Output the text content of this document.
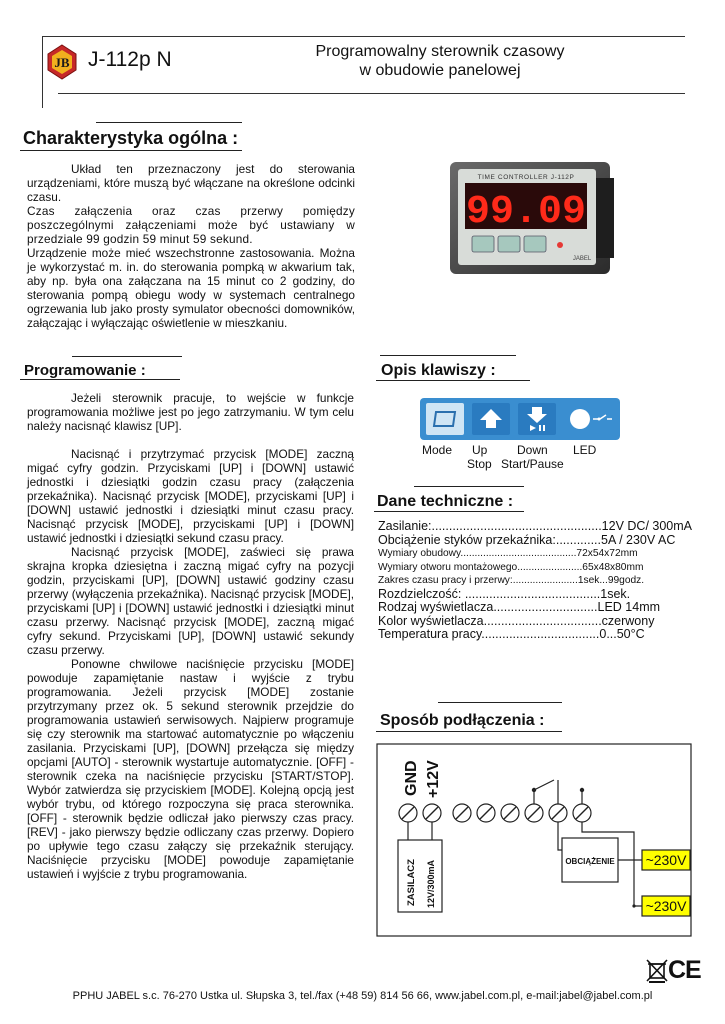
JB J-112p N	Programowalny sterownik czasowy
w obudowie panelowej
Charakterystyka ogólna :

Układ ten przeznaczony jest do sterowania urządzeniami, które muszą być włączane na określone odcinki czasu.

Czas załączenia oraz czas przerwy pomiędzy poszczególnymi załączeniami może być ustawiany w przedziale 99 godzin 59 minut 59 sekund.

Urządzenie może mieć wszechstronne zastosowania. Można je wykorzystać m. in. do sterowania pompką w akwarium tak, aby np. była ona załączana na 15 minut co 2 godziny, do sterowania pompą obiegu wody w systemach centralnego ogrzewania lub jako prosty symulator obecności domowników, załączając i wyłączając oświetlenie w mieszkaniu.

TIME CONTROLLER J-112P
99.09
JABEL
Programowanie :

Jeżeli sterownik pracuje, to wejście w funkcje programowania możliwe jest po jego zatrzymaniu. W tym celu należy nacisnąć klawisz [UP].

Nacisnąć i przytrzymać przycisk [MODE] zaczną migać cyfry godzin. Przyciskami [UP] i [DOWN] ustawić jednostki i dziesiątki godzin czasu pracy (załączenia przekaźnika). Nacisnąć przycisk [MODE], przyciskami [UP] i [DOWN] ustawić jednostki i dziesiątki minut czasu pracy. Nacisnąć przycisk [MODE], przyciskami [UP] i [DOWN] ustawić jednostki i dziesiątki sekund czasu pracy.

Nacisnąć przycisk [MODE], zaświeci się prawa skrajna kropka dziesiętna i zaczną migać cyfry na pozycji godzin, przyciskami [UP], [DOWN] ustawić godziny czasu przerwy (wyłączenia przekaźnika). Nacisnąć przycisk [MODE], przyciskami [UP] i [DOWN] ustawić jednostki i dziesiątki minut czasu przerwy. Nacisnąć przycisk [MODE], zaczną migać cyfry sekund. Przyciskami [UP], [DOWN] ustawić sekundy czasu przerwy.

Ponowne chwilowe naciśnięcie przycisku [MODE] powoduje zapamiętanie nastaw i wyjście z trybu programowania. Jeżeli przycisk [MODE] zostanie przytrzymany przez ok. 5 sekund sterownik przejdzie do programowania ustawień serwisowych. Najpierw programuje się czy sterownik ma startować automatycznie po włączeniu zasilania. Przyciskami [UP], [DOWN] przełącza się między opcjami [AUTO] - sterownik wystartuje automatycznie. [OFF] - sterownik czeka na naciśnięcie przycisku [START/STOP]. Wybór zatwierdza się przyciskiem [MODE]. Kolejną opcją jest wybór trybu, od którego rozpoczyna się praca sterownika. [OFF] - sterownik będzie odliczał jako pierwszy czas pracy. [REV] - jako pierwszy będzie odliczany czas przerwy. Dopiero po upływie tego czasu załączy się przekaźnik sterujący. Naciśnięcie przycisku [MODE] powoduje zapamiętanie ustawień i wyjście z trybu programowania.

Opis klawiszy :
Mode Up Down LED
Stop Start/Pause
Dane techniczne :
Zasilanie:.................................................12V DC/ 300mA
Obciążenie styków przekaźnika:.............5A / 230V AC
Wymiary obudowy.........................................72x54x72mm
Wymiary otworu montażowego.......................65x48x80mm
Zakres czasu pracy i przerwy:.......................1sek...99godz.
Rozdzielczość: .......................................1sek.
Rodzaj wyświetlacza..............................LED 14mm
Kolor wyświetlacza..................................czerwony
Temperatura pracy..................................0...50°C
Sposób podłączenia :
GND +12V
ZASILACZ 12V/300mA	OBCIĄŻENIE ~230V
~230V
CE
PPHU JABEL s.c. 76-270 Ustka ul. Słupska 3, tel./fax (+48 59) 814 56 66, www.jabel.com.pl, e-mail:jabel@jabel.com.pl
